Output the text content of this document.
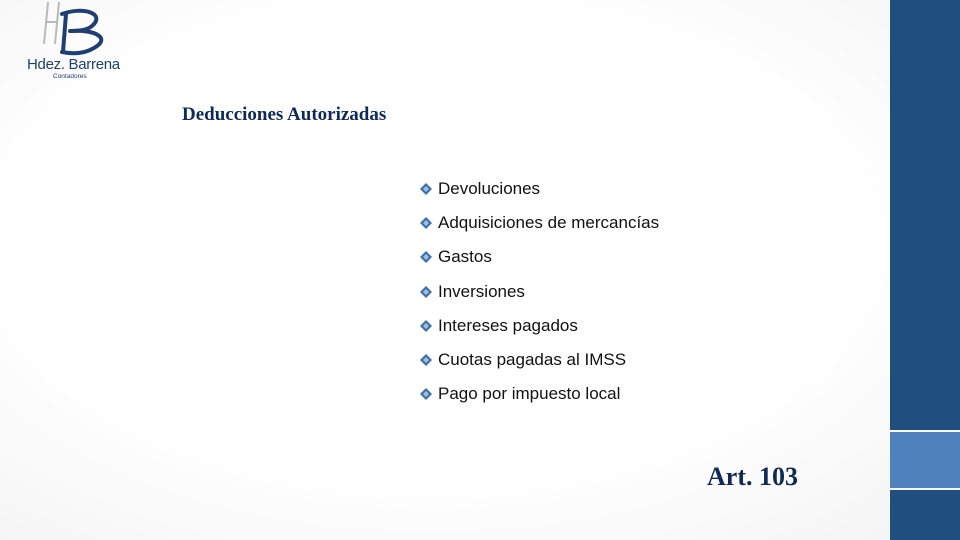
Hdez. Barrena
Contadores
Deducciones Autorizadas
Devoluciones
Adquisiciones de mercancías
Gastos
Inversiones
Intereses pagados
Cuotas pagadas al IMSS
Pago por impuesto local
Art. 103
